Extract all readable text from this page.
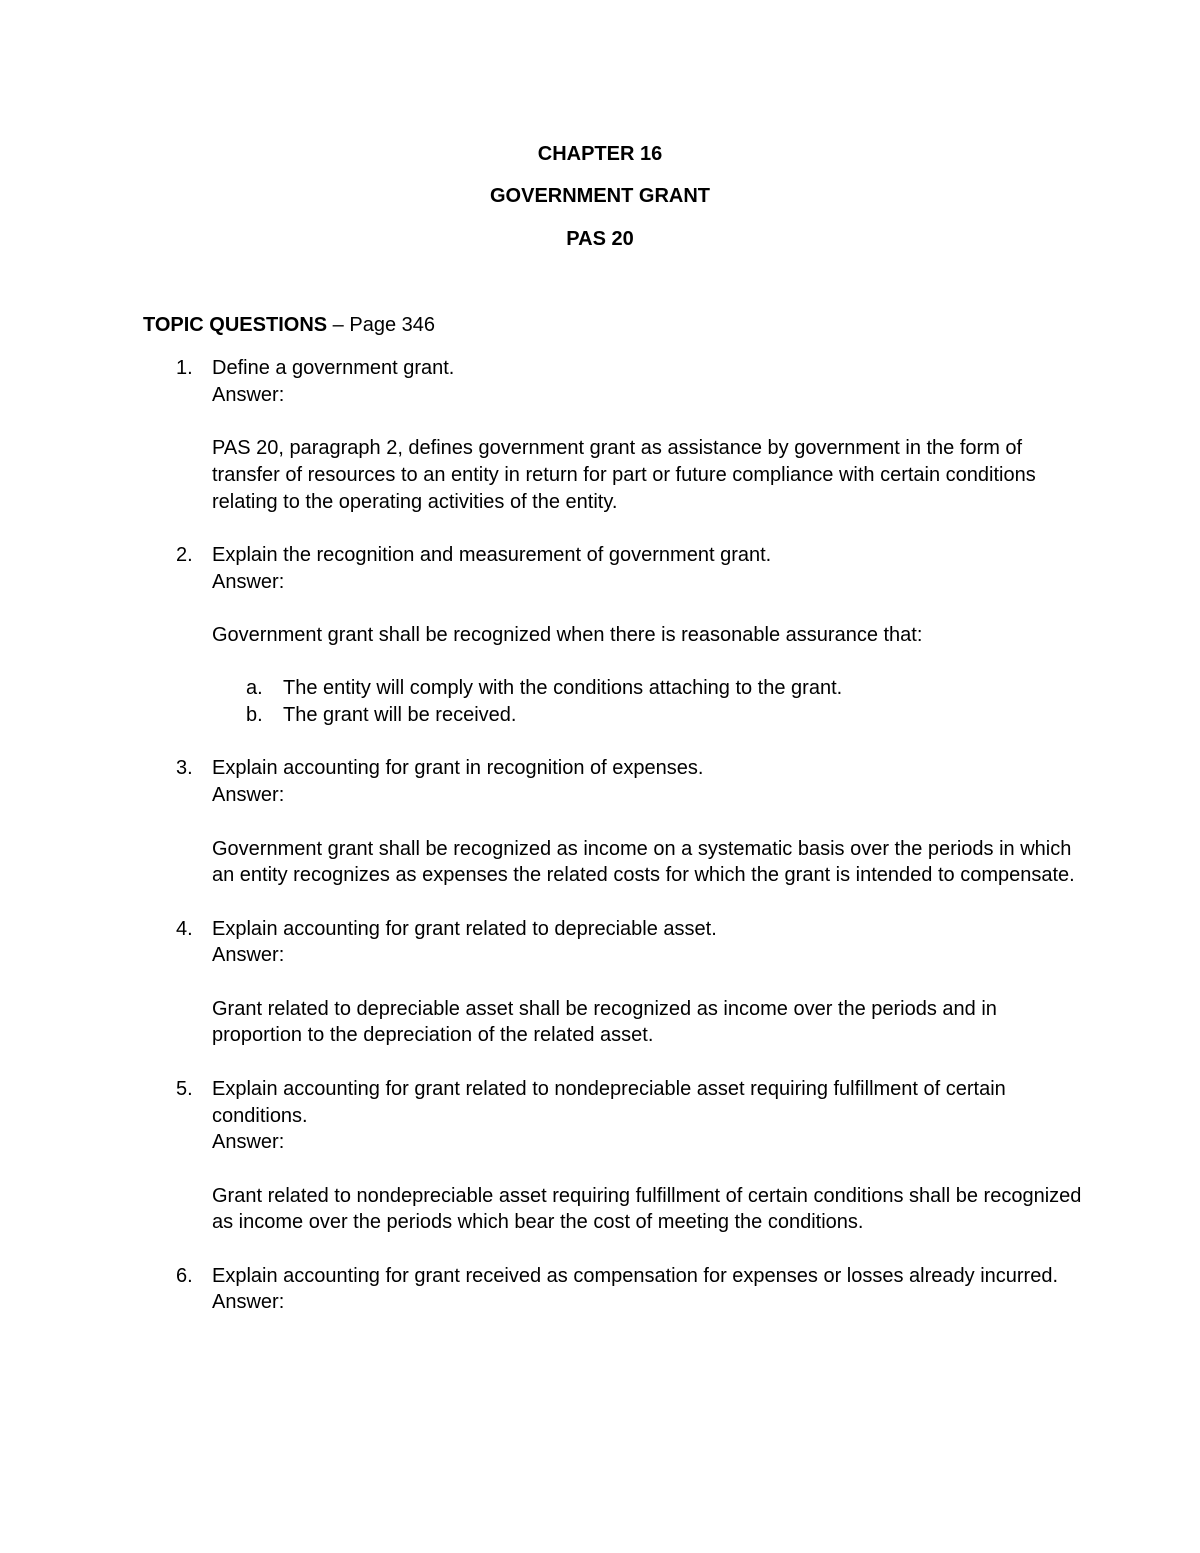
CHAPTER 16
GOVERNMENT GRANT
PAS 20
TOPIC QUESTIONS – Page 346
1. Define a government grant.
Answer:
PAS 20, paragraph 2, defines government grant as assistance by government in the form of transfer of resources to an entity in return for part or future compliance with certain conditions relating to the operating activities of the entity.
2. Explain the recognition and measurement of government grant.
Answer:
Government grant shall be recognized when there is reasonable assurance that:
a. The entity will comply with the conditions attaching to the grant.
b. The grant will be received.
3. Explain accounting for grant in recognition of expenses.
Answer:
Government grant shall be recognized as income on a systematic basis over the periods in which an entity recognizes as expenses the related costs for which the grant is intended to compensate.
4. Explain accounting for grant related to depreciable asset.
Answer:
Grant related to depreciable asset shall be recognized as income over the periods and in proportion to the depreciation of the related asset.
5. Explain accounting for grant related to nondepreciable asset requiring fulfillment of certain conditions.
Answer:
Grant related to nondepreciable asset requiring fulfillment of certain conditions shall be recognized as income over the periods which bear the cost of meeting the conditions.
6. Explain accounting for grant received as compensation for expenses or losses already incurred.
Answer:
